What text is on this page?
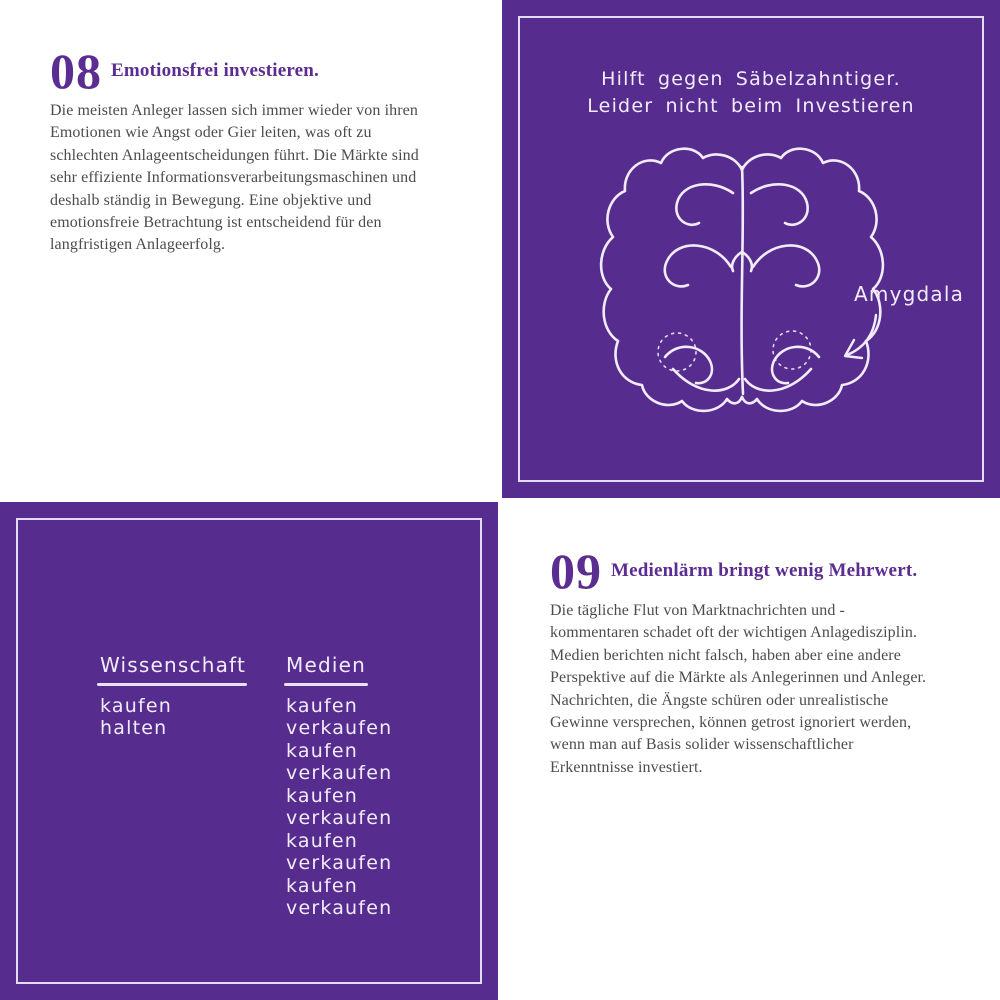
08 Emotionsfrei investieren.

Die meisten Anleger lassen sich immer wieder von ihren
Emotionen wie Angst oder Gier leiten, was oft zu
schlechten Anlageentscheidungen führt. Die Märkte sind
sehr effiziente Informationsverarbeitungsmaschinen und
deshalb ständig in Bewegung. Eine objektive und
emotionsfreie Betrachtung ist entscheidend für den
langfristigen Anlageerfolg.

Hilft gegen Säbelzahntiger.
Leider nicht beim Investieren
Amygdala
Wissenschaft
kaufen
halten
Medien
kaufen
verkaufen
kaufen
verkaufen
kaufen
verkaufen
kaufen
verkaufen
kaufen
verkaufen
09 Medienlärm bringt wenig Mehrwert.

Die tägliche Flut von Marktnachrichten und -
kommentaren schadet oft der wichtigen Anlagedisziplin.
Medien berichten nicht falsch, haben aber eine andere
Perspektive auf die Märkte als Anlegerinnen und Anleger.
Nachrichten, die Ängste schüren oder unrealistische
Gewinne versprechen, können getrost ignoriert werden,
wenn man auf Basis solider wissenschaftlicher
Erkenntnisse investiert.
